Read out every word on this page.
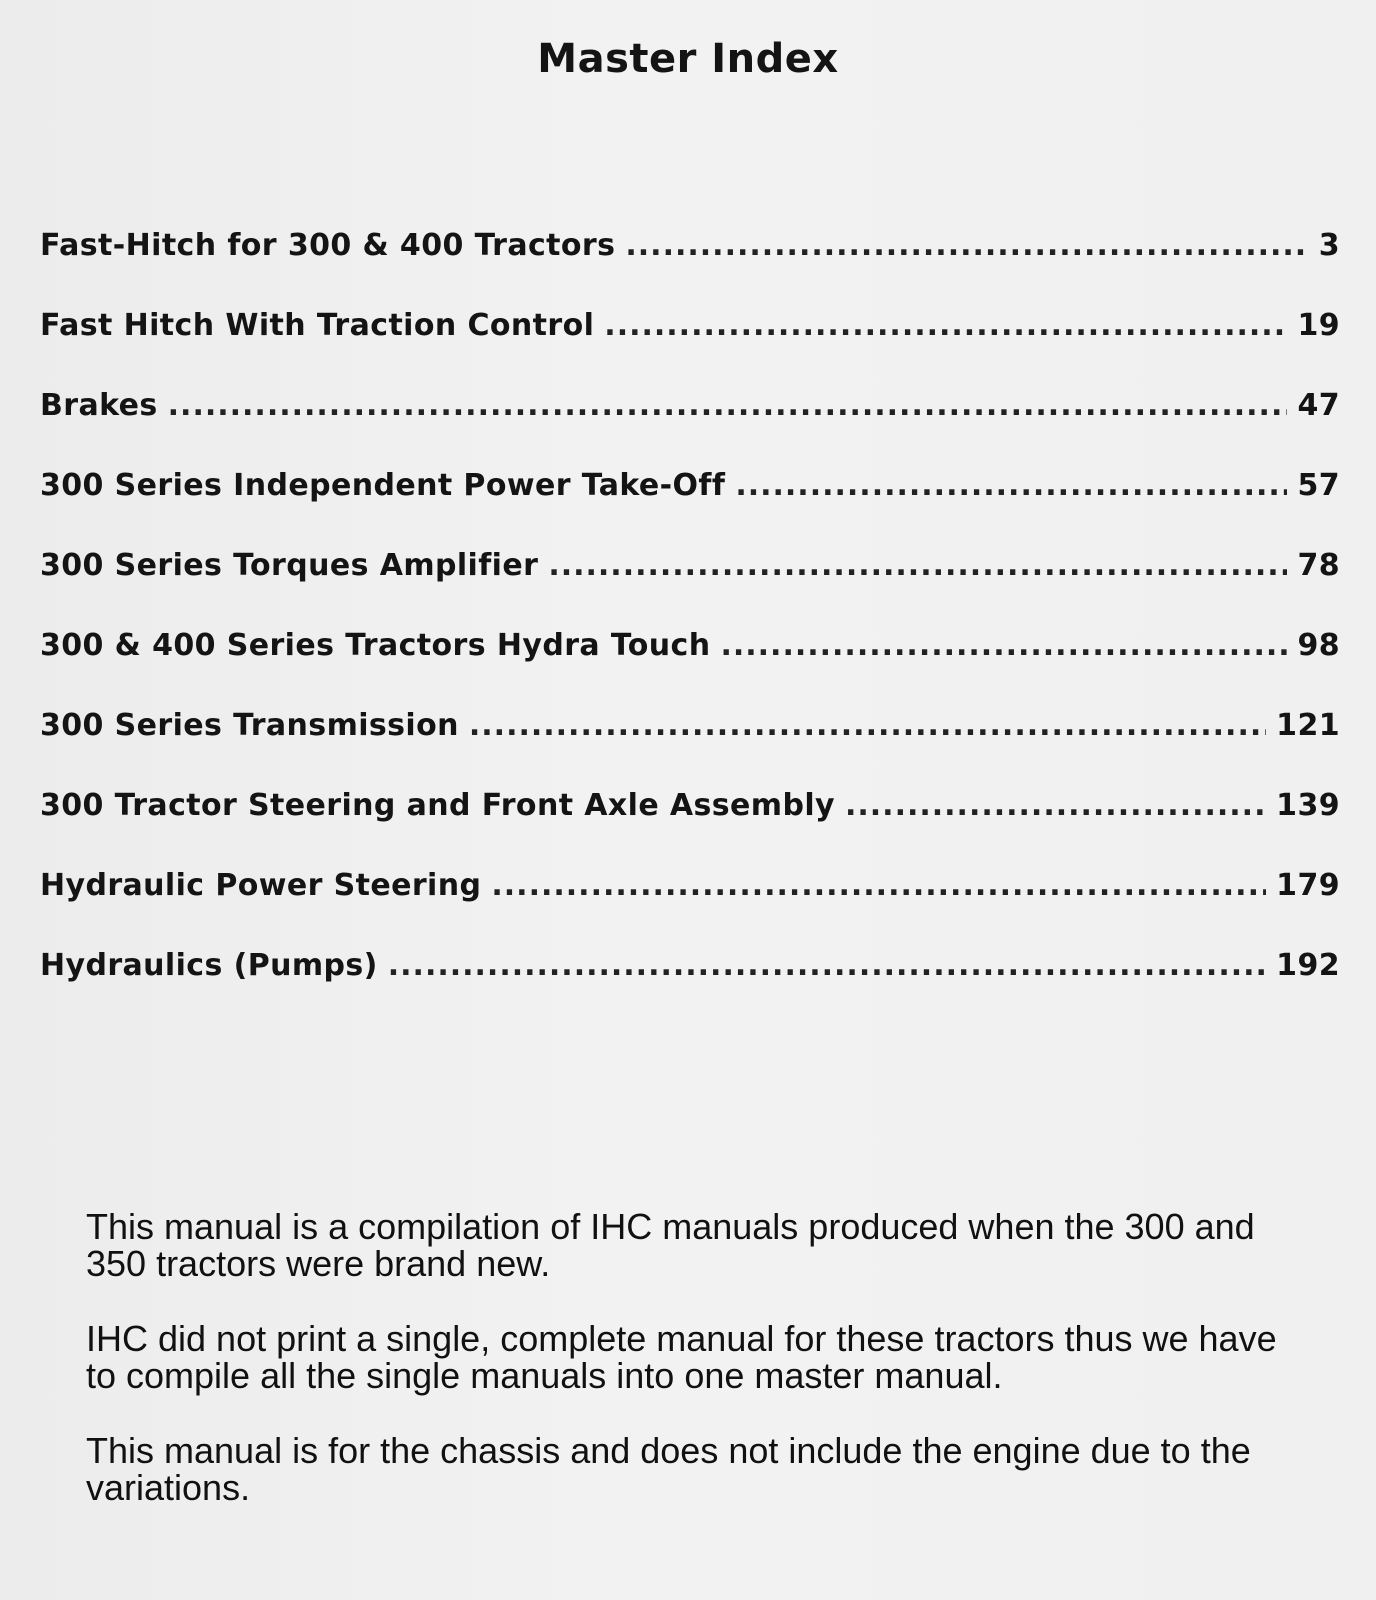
Master Index
Fast-Hitch for 300 & 400 Tractors .....	3
Fast Hitch With Traction Control .....	19
Brakes .....	47
300 Series Independent Power Take-Off .....	57
300 Series Torques Amplifier .....	78
300 & 400 Series Tractors Hydra Touch .....	98
300 Series Transmission .....	121
300 Tractor Steering and Front Axle Assembly .....	139
Hydraulic Power Steering .....	179
Hydraulics (Pumps) .....	192

This manual is a compilation of IHC manuals produced when the 300 and 350 tractors were brand new.

IHC did not print a single, complete manual for these tractors thus we have to compile all the single manuals into one master manual.

This manual is for the chassis and does not include the engine due to the variations.
